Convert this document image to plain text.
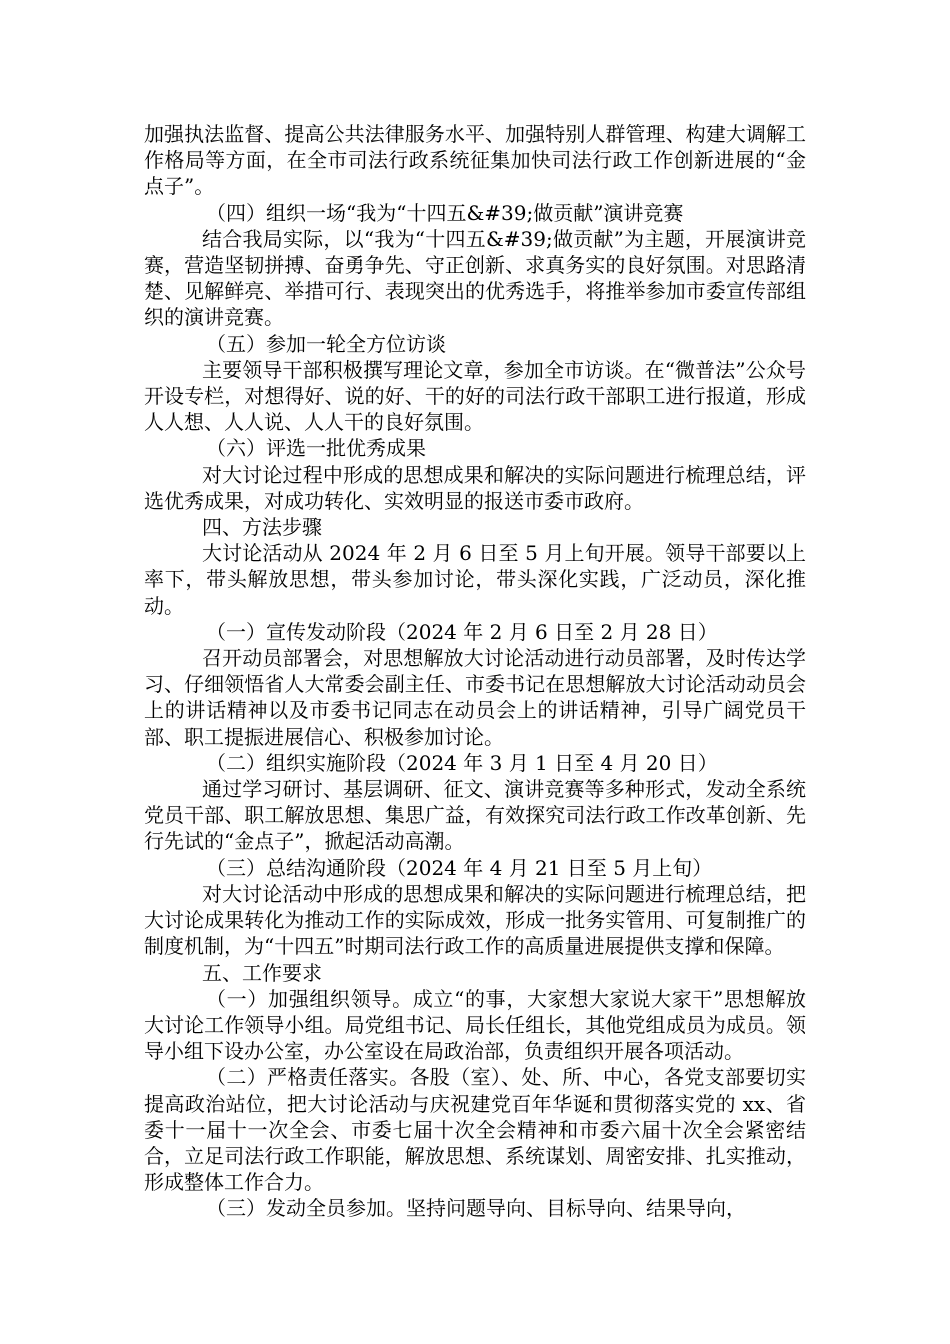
加强执法监督、提高公共法律服务水平、加强特别人群管理、构建大调解工作格局等方面，在全市司法行政系统征集加快司法行政工作创新进展的“金点子”。

（四）组织一场“我为“十四五&#39;做贡献”演讲竞赛

结合我局实际，以“我为“十四五&#39;做贡献”为主题，开展演讲竞赛，营造坚韧拼搏、奋勇争先、守正创新、求真务实的良好氛围。对思路清楚、见解鲜亮、举措可行、表现突出的优秀选手，将推举参加市委宣传部组织的演讲竞赛。

（五）参加一轮全方位访谈

主要领导干部积极撰写理论文章，参加全市访谈。在“微普法”公众号开设专栏，对想得好、说的好、干的好的司法行政干部职工进行报道，形成人人想、人人说、人人干的良好氛围。

（六）评选一批优秀成果

对大讨论过程中形成的思想成果和解决的实际问题进行梳理总结，评选优秀成果，对成功转化、实效明显的报送市委市政府。

四、方法步骤

大讨论活动从 2024 年 2 月 6 日至 5 月上旬开展。领导干部要以上率下，带头解放思想，带头参加讨论，带头深化实践，广泛动员，深化推动。

（一）宣传发动阶段（2024 年 2 月 6 日至 2 月 28 日）

召开动员部署会，对思想解放大讨论活动进行动员部署，及时传达学习、仔细领悟省人大常委会副主任、市委书记在思想解放大讨论活动动员会上的讲话精神以及市委书记同志在动员会上的讲话精神，引导广阔党员干部、职工提振进展信心、积极参加讨论。

（二）组织实施阶段（2024 年 3 月 1 日至 4 月 20 日）

通过学习研讨、基层调研、征文、演讲竞赛等多种形式，发动全系统党员干部、职工解放思想、集思广益，有效探究司法行政工作改革创新、先行先试的“金点子”，掀起活动高潮。

（三）总结沟通阶段（2024 年 4 月 21 日至 5 月上旬）

对大讨论活动中形成的思想成果和解决的实际问题进行梳理总结，把大讨论成果转化为推动工作的实际成效，形成一批务实管用、可复制推广的制度机制，为“十四五”时期司法行政工作的高质量进展提供支撑和保障。

五、工作要求

（一）加强组织领导。成立“的事，大家想大家说大家干”思想解放大讨论工作领导小组。局党组书记、局长任组长，其他党组成员为成员。领导小组下设办公室，办公室设在局政治部，负责组织开展各项活动。

（二）严格责任落实。各股（室）、处、所、中心，各党支部要切实提高政治站位，把大讨论活动与庆祝建党百年华诞和贯彻落实党的 xx、省委十一届十一次全会、市委七届十次全会精神和市委六届十次全会紧密结合，立足司法行政工作职能，解放思想、系统谋划、周密安排、扎实推动，形成整体工作合力。

（三）发动全员参加。坚持问题导向、目标导向、结果导向，
